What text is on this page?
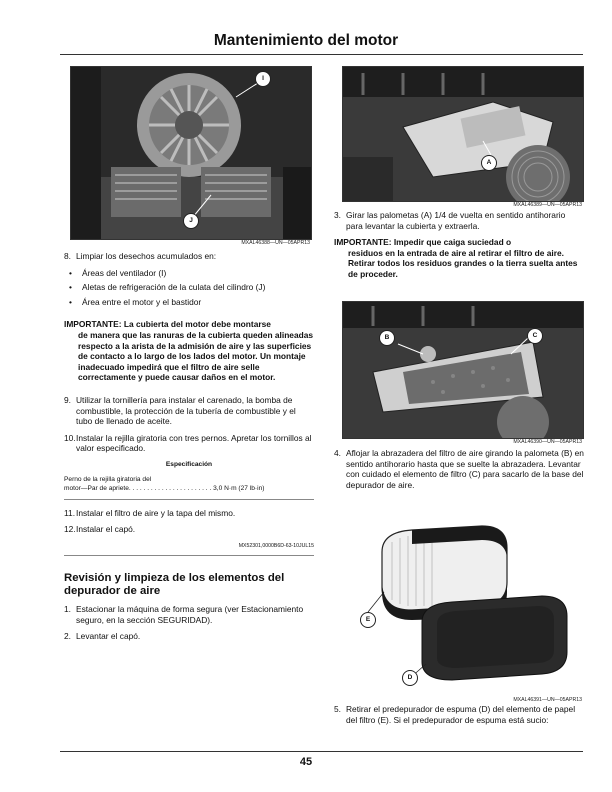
Mantenimiento del motor
I
J
MXAL46388—UN—05APR13
8. Limpiar los desechos acumulados en:
• Áreas del ventilador (I)
• Aletas de refrigeración de la culata del cilindro (J)
• Área entre el motor y el bastidor
IMPORTANTE: La cubierta del motor debe montarse
de manera que las ranuras de la cubierta queden alineadas respecto a la arista de la admisión de aire y las superficies de contacto a lo largo de los lados del motor. Un montaje inadecuado impedirá que el filtro de aire selle correctamente y puede causar daños en el motor.
9. Utilizar la tornillería para instalar el carenado, la bomba de combustible, la protección de la tubería de combustible y el tubo de llenado de aceite.
10. Instalar la rejilla giratoria con tres pernos. Apretar los tornillos al valor especificado.
Especificación
Perno de la rejilla giratoria del
motor—Par de apriete. . . . . . . . . . . . . . . . . . . . . . . 3,0 N·m (27 lb·in)
11. Instalar el filtro de aire y la tapa del mismo.
12. Instalar el capó.
MX52301,0000B6D-63-10JUL15
Revisión y limpieza de los elementos del depurador de aire
1. Estacionar la máquina de forma segura (ver Estacionamiento seguro, en la sección SEGURIDAD).
2. Levantar el capó.
A
MXAL46389—UN—05APR13
3. Girar las palometas (A) 1/4 de vuelta en sentido antihorario para levantar la cubierta y extraerla.
IMPORTANTE: Impedir que caiga suciedad o
residuos en la entrada de aire al retirar el filtro de aire. Retirar todos los residuos grandes o la tierra suelta antes de proceder.
B	C
MXAL46390—UN—05APR13
4. Aflojar la abrazadera del filtro de aire girando la palometa (B) en sentido antihorario hasta que se suelte la abrazadera. Levantar con cuidado el elemento de filtro (C) para sacarlo de la base del depurador de aire.
E
D
MXAL46391—UN—05APR13
5. Retirar el predepurador de espuma (D) del elemento de papel del filtro (E). Si el predepurador de espuma está sucio:
45
